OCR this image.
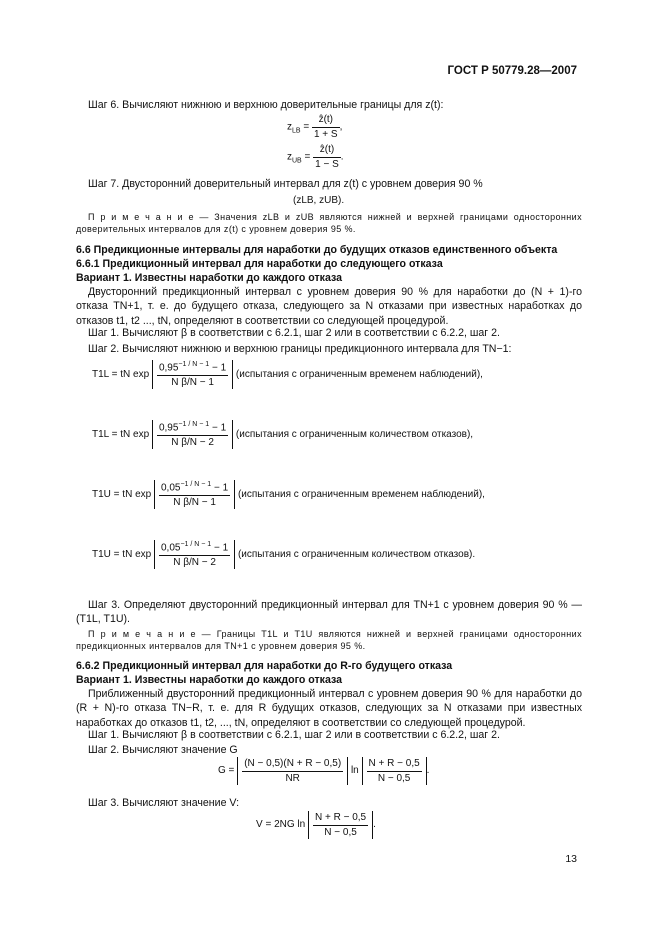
ГОСТ Р 50779.28—2007
Шаг 6. Вычисляют нижнюю и верхнюю доверительные границы для z(t):
$z_{LB} = \frac{\text{ẑ(t)}}{1 + S}$ ,
$z_{UB} = \frac{\text{ẑ(t)}}{1 - S}$ .
Шаг 7. Двусторонний доверительный интервал для z(t) с уровнем доверия 90 %
(zLB, zUB).
П р и м е ч а н и е — Значения zLB и zUB являются нижней и верхней границами односторонних доверительных интервалов для z(t) с уровнем доверия 95 %.
6.6 Предикционные интервалы для наработки до будущих отказов единственного объекта
6.6.1 Предикционный интервал для наработки до следующего отказа
Вариант 1. Известны наработки до каждого отказа
Двусторонний предикционный интервал с уровнем доверия 90 % для наработки до (N + 1)-го отказа TN+1, т. е. до будущего отказа, следующего за N отказами при известных наработках до отказов t1, t2 ..., tN, определяют в соответствии со следующей процедурой.
Шаг 1. Вычисляют β в соответствии с 6.2.1, шаг 2 или в соответствии с 6.2.2, шаг 2.
Шаг 2. Вычисляют нижнюю и верхнюю границы предикционного интервала для TN−1:
T1L = tN $\exp \frac{0,95^{-1 / N - 1} - 1}{\text{N β/N − 1}}$ (испытания с ограниченным временем наблюдений),
T1L = tN $\exp \frac{0,95^{-1 / N - 1} - 1}{\text{N β/N − 2}}$ (испытания с ограниченным количеством отказов),
T1U = tN $\exp \frac{0,05^{-1 / N - 1} - 1}{\text{N β/N − 1}}$ (испытания с ограниченным временем наблюдений),
T1U = tN $\exp \frac{0,05^{-1 / N - 1} - 1}{\text{N β/N − 2}}$ (испытания с ограниченным количеством отказов).
Шаг 3. Определяют двусторонний предикционный интервал для TN+1 с уровнем доверия 90 % — (T1L, T1U).
П р и м е ч а н и е — Границы T1L и T1U являются нижней и верхней границами односторонних предикционных интервалов для TN+1 с уровнем доверия 95 %.
6.6.2 Предикционный интервал для наработки до R-го будущего отказа
Вариант 1. Известны наработки до каждого отказа
Приближенный двусторонний предикционный интервал с уровнем доверия 90 % для наработки до (R + N)-го отказа TN−R, т. е. для R будущих отказов, следующих за N отказами при известных наработках до отказов t1, t2, ..., tN, определяют в соответствии со следующей процедурой.
Шаг 1. Вычисляют β в соответствии с 6.2.1, шаг 2 или в соответствии с 6.2.2, шаг 2.
Шаг 2. Вычисляют значение G
$G = \frac{(N - 0,5)(N + R - 0,5)}{NR}$ $\ln \frac{N + R - 0,5}{N - 0,5}$ .
Шаг 3. Вычисляют значение V:
V = 2NG $\ln \frac{N + R - 0,5}{N - 0,5}$ .
13
